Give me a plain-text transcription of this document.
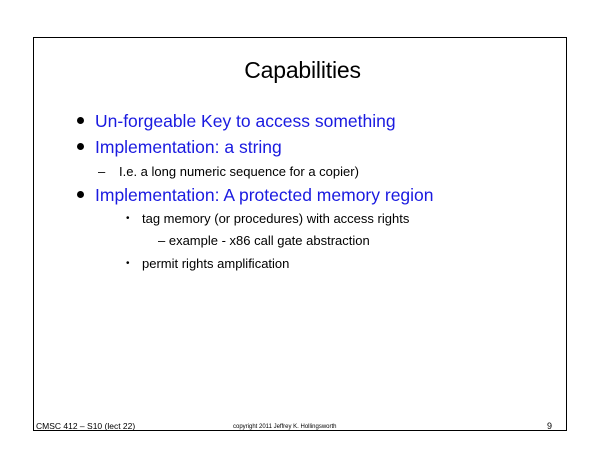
Capabilities
Un-forgeable Key to access something
Implementation: a string
– I.e. a long numeric sequence for a copier)
Implementation: A protected memory region
• tag memory (or procedures) with access rights
– example - x86 call gate abstraction
• permit rights amplification
CMSC 412 – S10 (lect 22)	copyright 2011 Jeffrey K. Hollingsworth	9
